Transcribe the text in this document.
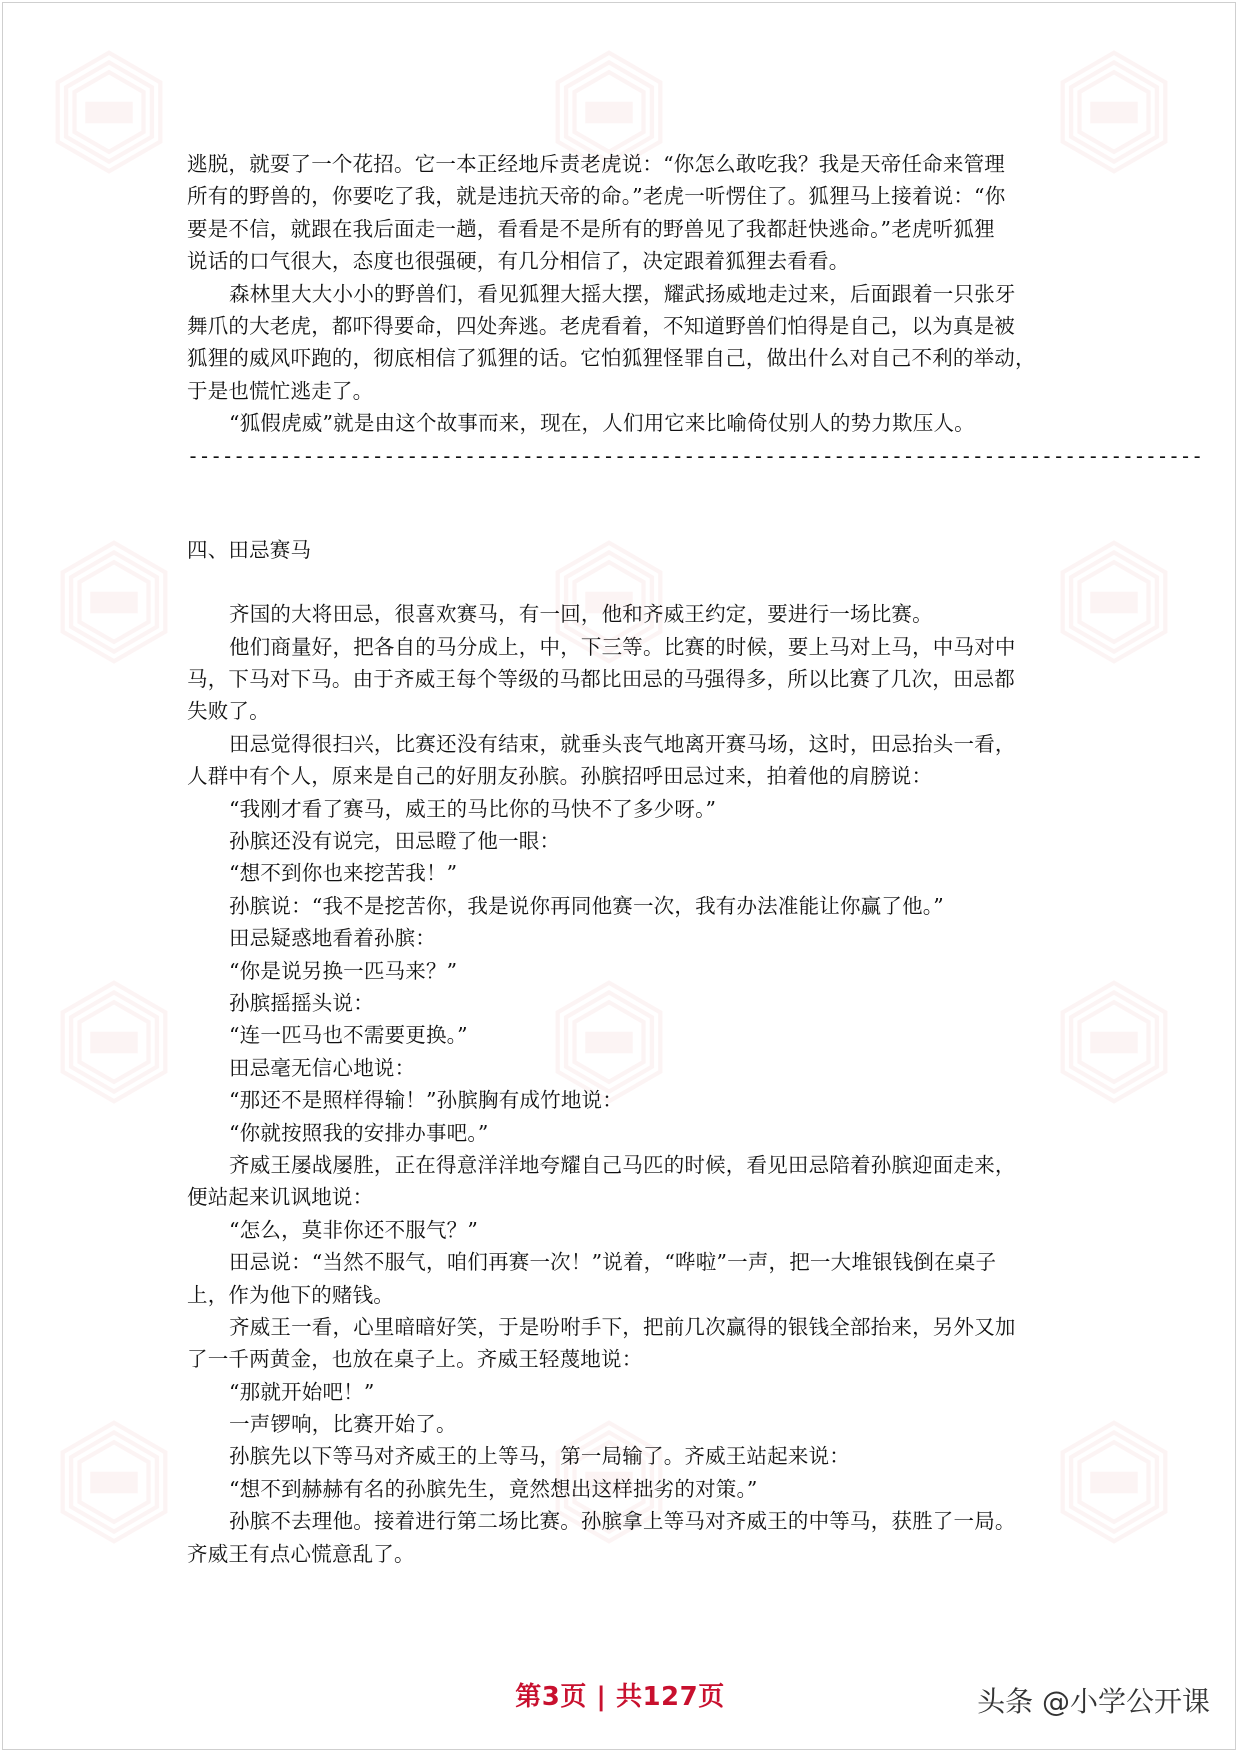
逃脱，就耍了一个花招。它一本正经地斥责老虎说：“你怎么敢吃我？我是天帝任命来管理
所有的野兽的，你要吃了我，就是违抗天帝的命。”老虎一听愣住了。狐狸马上接着说：“你
要是不信，就跟在我后面走一趟，看看是不是所有的野兽见了我都赶快逃命。”老虎听狐狸
说话的口气很大，态度也很强硬，有几分相信了，决定跟着狐狸去看看。
森林里大大小小的野兽们，看见狐狸大摇大摆，耀武扬威地走过来，后面跟着一只张牙
舞爪的大老虎，都吓得要命，四处奔逃。老虎看着，不知道野兽们怕得是自己，以为真是被
狐狸的威风吓跑的，彻底相信了狐狸的话。它怕狐狸怪罪自己，做出什么对自己不利的举动，
于是也慌忙逃走了。
“狐假虎威”就是由这个故事而来，现在，人们用它来比喻倚仗别人的势力欺压人。
----------------------------------------------------------------------------------------
四、田忌赛马
齐国的大将田忌，很喜欢赛马，有一回，他和齐威王约定，要进行一场比赛。
他们商量好，把各自的马分成上，中，下三等。比赛的时候，要上马对上马，中马对中
马，下马对下马。由于齐威王每个等级的马都比田忌的马强得多，所以比赛了几次，田忌都
失败了。
田忌觉得很扫兴，比赛还没有结束，就垂头丧气地离开赛马场，这时，田忌抬头一看，
人群中有个人，原来是自己的好朋友孙膑。孙膑招呼田忌过来，拍着他的肩膀说：
“我刚才看了赛马，威王的马比你的马快不了多少呀。”
孙膑还没有说完，田忌瞪了他一眼：
“想不到你也来挖苦我！”
孙膑说：“我不是挖苦你，我是说你再同他赛一次，我有办法准能让你赢了他。”
田忌疑惑地看着孙膑：
“你是说另换一匹马来？”
孙膑摇摇头说：
“连一匹马也不需要更换。”
田忌毫无信心地说：
“那还不是照样得输！”孙膑胸有成竹地说：
“你就按照我的安排办事吧。”
齐威王屡战屡胜，正在得意洋洋地夸耀自己马匹的时候，看见田忌陪着孙膑迎面走来，
便站起来讥讽地说：
“怎么，莫非你还不服气？”
田忌说：“当然不服气，咱们再赛一次！”说着，“哗啦”一声，把一大堆银钱倒在桌子
上，作为他下的赌钱。
齐威王一看，心里暗暗好笑，于是吩咐手下，把前几次赢得的银钱全部抬来，另外又加
了一千两黄金，也放在桌子上。齐威王轻蔑地说：
“那就开始吧！”
一声锣响，比赛开始了。
孙膑先以下等马对齐威王的上等马，第一局输了。齐威王站起来说：
“想不到赫赫有名的孙膑先生，竟然想出这样拙劣的对策。”
孙膑不去理他。接着进行第二场比赛。孙膑拿上等马对齐威王的中等马，获胜了一局。
齐威王有点心慌意乱了。
第3页 | 共127页	头条 @小学公开课
